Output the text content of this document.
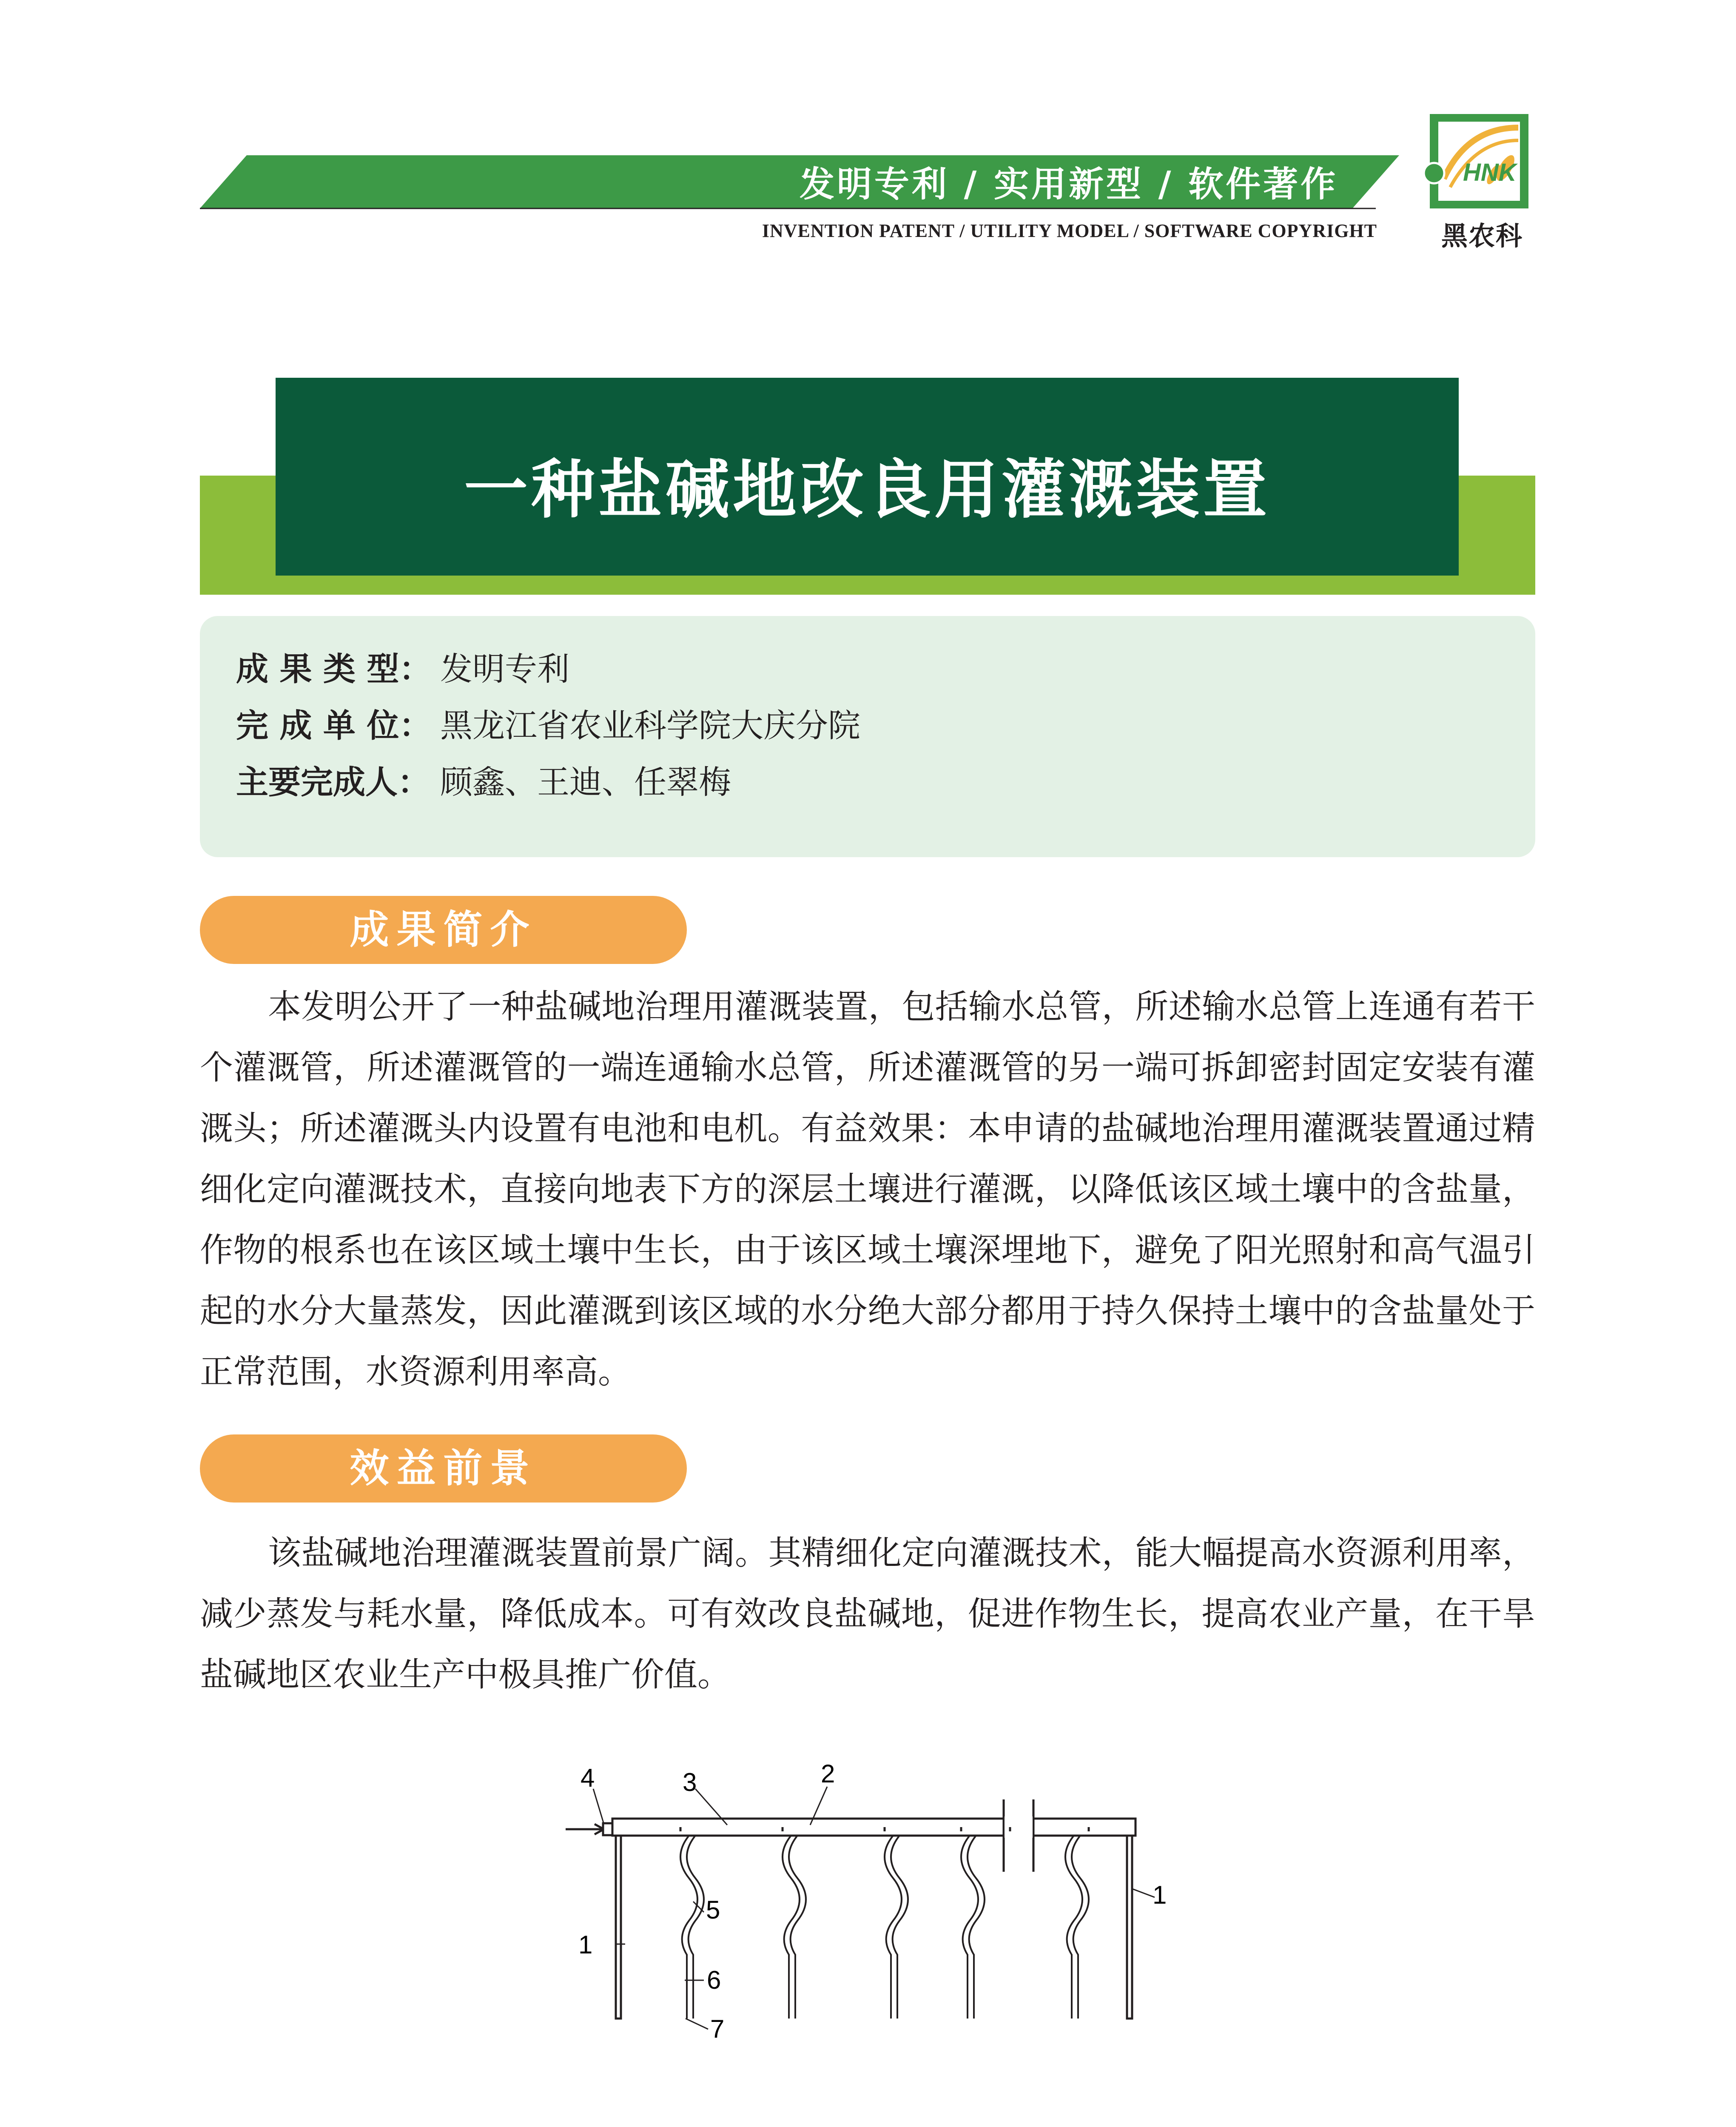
HNK
发明专利 / 实用新型 / 软件著作
INVENTION PATENT / UTILITY MODEL / SOFTWARE COPYRIGHT	黑农科
一种盐碱地改良用灌溉装置
成 果 类 型： 发明专利
完 成 单 位： 黑龙江省农业科学院大庆分院
主要完成人： 顾鑫、王迪、任翠梅
成果简介
本发明公开了一种盐碱地治理用灌溉装置，包括输水总管，所述输水总管上连通有若干个灌溉管，所述灌溉管的一端连通输水总管，所述灌溉管的另一端可拆卸密封固定安装有灌溉头；所述灌溉头内设置有电池和电机。有益效果：本申请的盐碱地治理用灌溉装置通过精细化定向灌溉技术，直接向地表下方的深层土壤进行灌溉，以降低该区域土壤中的含盐量，作物的根系也在该区域土壤中生长，由于该区域土壤深埋地下，避免了阳光照射和高气温引起的水分大量蒸发，因此灌溉到该区域的水分绝大部分都用于持久保持土壤中的含盐量处于正常范围，水资源利用率高。
效益前景
该盐碱地治理灌溉装置前景广阔。其精细化定向灌溉技术，能大幅提高水资源利用率，减少蒸发与耗水量，降低成本。可有效改良盐碱地，促进作物生长，提高农业产量，在干旱盐碱地区农业生产中极具推广价值。
4	3	2
1
1
5
6
7
